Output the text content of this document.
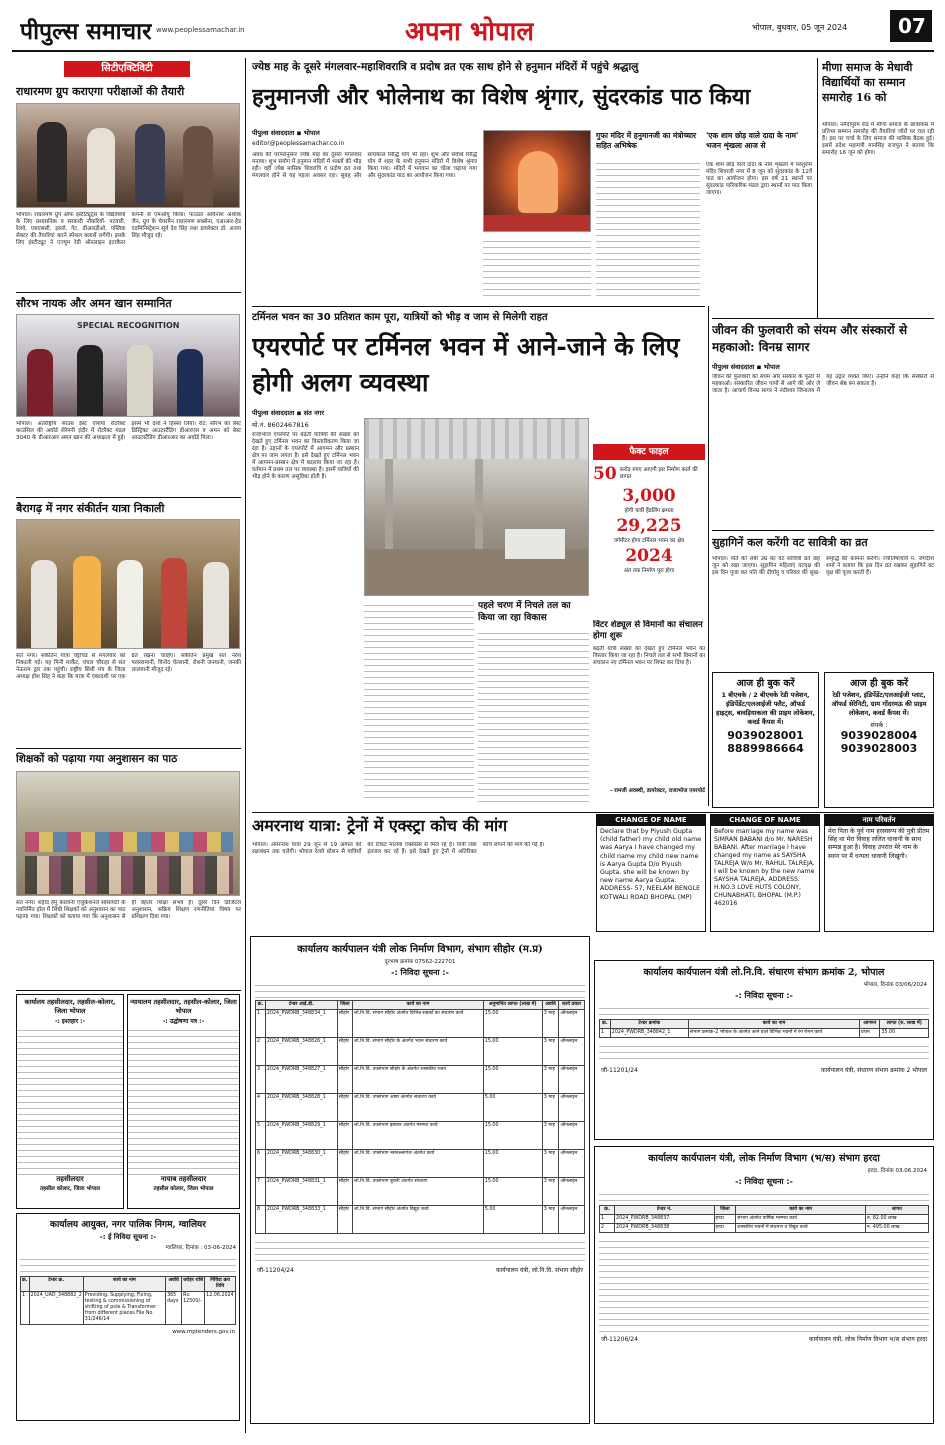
पीपुल्स समाचार www.peoplessamachar.in	अपना भोपाल	भोपाल, बुधवार, 05 जून 2024	07
सिटीएक्टिविटी
राधारमण ग्रुप कराएगा परीक्षाओं की तैयारी
भोपाल। राधारमण ग्रुप ऑफ इंस्टीट्यूट्स के विद्यार्थियों के लिए प्रशासनिक व सरकारी नौकरियों- पटवारी, रेलवे, एसएससी, इसरो, गेट, डीआरडीओ, पब्लिक सेक्टर की तैयारियां करने स्पेशल क्लासें लगेंगी। इसके लिए इंस्टीट्यूट ने एज्यूम रेडी ऑनलाइन इंटरकैरर कंपनी से एमओयू किया। फाउंडर अविनाश अशोक जैन, ग्रुप के चेयरमैन राधारमण सक्सेना, एआआर-हेड एडमिनिस्ट्रेशन सूर्य देव सिंह तथा डायरेक्टर डॉ. अजय सिंह मौजूद रहे।
सौरभ नायक और अमन खान सम्मानित
SPECIAL RECOGNITION
भोपाल। अंतर्राष्ट्रीय साउथ ईस्ट एशिया रोटरैक्ट काउंसिल की अवॉर्ड सेरेमनी इंदौर में रोटरैक्ट मंडल 3040 के डीआरआर अमन खान की अध्यक्षता में हुई। इसमें भी देशों ने हिस्सा लिया। रोट. सौरभ को बेस्ट डिस्ट्रिक्ट आउटस्टैंडिंग डीआरएस व अमन को बेस्ट आउटस्टैंडिंग डीआरआर का अवॉर्ड मिला।
बैरागढ़ में नगर संकीर्तन यात्रा निकाली
संत नगर। संकीर्तन यात्रा चेट्टीचंड से मंगलवार को निकाली गई। यह मिनी मार्केट, चंचल चौराहा से संत नेऊराम द्वार तक पहुंची। राष्ट्रीय सिंधी मंच के जिला अध्यक्ष होश सिंह ने कहा कि यात्रा में एकादशी पर एक व्रत रखना चाहिए। संकीर्तन प्रमुख संत नरेश परसरामानी, विनोद चेल्लानी, रोशनी जनयानी, जनकी लालवानी मौजूद रहे।
शिक्षकों को पढ़ाया गया अनुशासन का पाठ
संत नगर। शहीद हेमू कालानी एजुकेशनल सोसायटी के नवनिर्मित हॉल में सिंधी शिक्षकों को अनुशासन का पाठ पढ़ाया गया। शिक्षकों को बताया गया कि अनुशासन से ही बेहतर शिक्षा संभव है। दूसरे दिन डिजिटल अनुशासन, सक्रिय शिक्षण रणनीतियां विषय पर प्रशिक्षण दिया गया।
कार्यालय तहसीलदार, तहसील-कोलार, जिला भोपाल
-: इश्तहार :-
तहसीलदार
तहसील कोलार, जिला भोपाल
न्यायालय तहसीलदार, तहसील-कोलार, जिला भोपाल
-: उद्घोषणा पत्र :-
नायाब तहसीलदार
तहसील कोलार, जिला भोपाल
कार्यालय आयुक्त, नगर पालिक निगम, ग्वालियर
-: ई निविदा सूचना :-
ग्वालियर, दिनांक : 03-06-2024
क्र.	टेन्डर क्र.	कार्य का नाम	अवधि	धरोहर राशि	निविदा क्रय तिथि
1	2024_UAD_348882_2	Providing, Supplying, Fixing, testing & commissioning of shifting of pole & Transformer from different places File No. 31/246/14	365 days	Rs. 12500/-	12.06.2024
www.mptenders.gov.in
ज्येष्ठ माह के दूसरे मंगलवार-महाशिवरात्रि व प्रदोष व्रत एक साथ होने से हनुमान मंदिरों में पहुंचे श्रद्धालु
हनुमानजी और भोलेनाथ का विशेष श्रृंगार, सुंदरकांड पाठ किया
पीपुल्स संवाददाता ◾ भोपाल
editor@peoplessamachar.co.in
अवध की परंपरानुसार ज्येष्ठ माह का दूसरा मंगलवार मनाया। शुभ संयोग में हनुमान मंदिरों में भक्तों की भीड़ रही। वहीं ज्येष्ठ मासिक शिवरात्रि व प्रदोष व्रत तथा मंगलवार होने से यह पहला अवसर रहा। सुबह और सायंकाल सिद्धि योग भी रहा। शुभ और सर्वार्थ सिद्धि योग में शहर के सभी हनुमान मंदिरों में विशेष श्रृंगार किया गया। मंदिरों में भगवान का चोला चढ़ाया गया और सुंदरकांड पाठ का आयोजन किया गया।
गुफा मंदिर में हनुमानजी का मंत्रोच्चार सहित अभिषेक
'एक शाम छोड़ वाले दादा के नाम' भजन शृंखला आज से
एक शाम छोड़ वाले दादा के नाम शृंखला में परशुराम मंदिर शिवाजी नगर में 8 जून को सुंदरकांड के 12वें पाठ का आयोजन होगा। इस वर्ष 21 स्थानों पर सुंदरकांड पारिवारिक मंडल द्वारा स्थानों पर पाठ किया जाएगा।
मीणा समाज के मेधावी विद्यार्थियों का सम्मान समारोह 16 को
भोपाल। नर्मदापुरम रोड में मीणा समाज के छात्रावास में प्रतिभा सम्मान समारोह की तैयारियां जोरों पर चल रही हैं। इस पर चर्चा के लिए समाज की मासिक बैठक हुई। इसमें प्रदेश महामंत्री मानसिंह राजपूत ने बताया कि समारोह 16 जून को होगा।
टर्मिनल भवन का 30 प्रतिशत काम पूरा, यात्रियों को भीड़ व जाम से मिलेगी राहत
एयरपोर्ट पर टर्मिनल भवन में आने-जाने के लिए होगी अलग व्यवस्था
पीपुल्स संवाददाता ◾ संत नगर
मो.नं. 8602467816
राजाभोज एयरपोर्ट पर बढ़ती यात्रियों की संख्या को देखते हुए टर्मिनल भवन का विस्तारीकरण किया जा रहा है। उड़ानों के एयरपोर्ट में आगमन और प्रस्थान क्षेत्र पर जाम लगता है। इसे देखते हुए टर्मिनल भवन में आगमन-प्रस्थान क्षेत्र में बदलाव किया जा रहा है। वर्तमान में प्रथम तल पर व्यवस्था है। इसमें यात्रियों की भीड़ होने के कारण असुविधा होती है।
पहले चरण में निचले तल का किया जा रहा विकास
फैक्ट फाइल
50 करोड़ रुपए आएगी इस निर्माण कार्य की लागत
3,000
होगी यात्री हैंडलिंग क्षमता
29,225
वर्गमीटर होगा टर्मिनल भवन का क्षेत्र
2024
अंत तक निर्माण पूरा होगा
विंटर शेड्यूल से विमानों का संचालन होगा शुरू
बढ़ती यात्री संख्या को देखते हुए टर्मिनल भवन का विस्तार किया जा रहा है। निचले तल से सभी विमानों का संचालन नए टर्मिनल भवन पर शिफ्ट कर दिया है।
- रामजी अवस्थी, डायरेक्टर, राजाभोज एयरपोर्ट
जीवन की फुलवारी को संयम और संस्कारों से महकाओ: विनम्र सागर
पीपुल्स संवाददाता ◾ भोपाल
जीवन की फुलवारी को संयम और संस्कार के फूलों से महकाओ। संस्कारित जीवन पापों से आगे की ओर ले जाता है। आचार्य विनम्र सागर ने नंदीश्वर जिनालय में यह उद्गार व्यक्त किए। उन्होंने कहा कि संस्कारों से जीवन श्रेष्ठ बन सकता है।
सुहागिनें कल करेंगी वट सावित्री का व्रत
भोपाल। पति की लंबी उम्र का वट सावित्री व्रत छह जून को रखा जाएगा। सुहागिन महिलाएं वटवृक्ष की इस दिन पूजा कर पति की दीर्घायु व परिवार की सुख-समृद्धि की कामना करेंगी। ज्योतिषाचार्य पं. जगदीश शर्मा ने बताया कि इस दिन व्रत रखकर सुहागिनें वट वृक्ष की पूजा करती हैं।
आज ही बुक करें
1 बीएचके / 2 बीएचके रेडी पजेशन, इंडिपेंडेंट/एलआईजी फ्लैट, ऑफर्ड हाइट्स, बावड़ियाकला की प्राइम लोकेशन, कवर्ड कैंपस में।
9039028001
8889986664
आज ही बुक करें
रेडी पजेशन, इंडिपेंडेंट/एलआईजी प्लाट, ऑफर्ड सेरेनिटी, ग्राम गोंदरमऊ की प्राइम लोकेशन, कवर्ड कैंपस में।
संपर्क :
9039028004
9039028003
अमरनाथ यात्रा: ट्रेनों में एक्स्ट्रा कोच की मांग
भोपाल। अमरनाथ यात्रा 29 जून से 19 अगस्त को रक्षाबंधन तक चलेगी। भोपाल रेलवे स्टेशन से यात्रियों को टिकट मालवा एक्सप्रेस से मिल रहे हैं। यात्री लंबा इंतजार कर रहे हैं। इसे देखते हुए ट्रेनों में अतिरिक्त कोच लगाने की मांग की गई है।
CHANGE OF NAME
Declare that by Piyush Gupta (child father) my child old name was Aarya I have changed my child name my child new name is Aarya Gupta D/o Piyush Gupta. she will be known by new name Aarya Gupta. ADDRESS- 57, NEELAM BENGLE KOTWALI ROAD BHOPAL (MP)
CHANGE OF NAME
Before marriage my name was SIMRAN BABANI d/o Mr. NARESH BABANI. After marriage I have changed my name as SAYSHA TALREJA W/o Mr. RAHUL TALREJA. I will be known by the new name SAYSHA TALREJA. ADDRESS: H.NO.3 LOVE HUTS COLONY, CHUNABHATI, BHOPAL (M.P.) 462016
नाम परिवर्तन
मेरा पिता के पूर्व नाम हरस्वरूप की पुत्री प्रीतम सिंह था मेरा विवाह ललित धावानी के साथ सम्पन्न हुआ है। विवाह उपरांत मेरे नाम के स्थान पर मैं धन्यता धावानी लिखूंगी।
कार्यालय कार्यपालन यंत्री लोक निर्माण विभाग, संभाग सीहोर (म.प्र)
दूरभाष क्रमांक 07562-222701
-: निविदा सूचना :-
क्र.	टेन्डर आई.डी.	जिला	कार्य का नाम	अनुमानित लागत (लाख में)	अवधि	कार्य प्रकार
1	2024_PWDRB_348834_1	सीहोर	लो.नि.वि. संभाग सीहोर अंतर्गत विभिन्न सड़कों का संधारण कार्य	15.00	3 माह	ऑनलाइन
2	2024_PWDRB_348826_1	सीहोर	लो.नि.वि. संभाग सीहोर के अंतर्गत भवन संधारण कार्य	15.00	3 माह	ऑनलाइन
3	2024_PWDRB_348827_1	सीहोर	लो.नि.वि. उपसंभाग सीहोर के अंतर्गत शासकीय भवन	15.00	3 माह	ऑनलाइन
4	2024_PWDRB_348828_1	सीहोर	लो.नि.वि. उपसंभाग आष्टा अंतर्गत संधारण कार्य	5.00	3 माह	ऑनलाइन
5	2024_PWDRB_348829_1	सीहोर	लो.नि.वि. उपसंभाग इछावर अंतर्गत मरम्मत कार्य	15.00	3 माह	ऑनलाइन
6	2024_PWDRB_348830_1	सीहोर	लो.नि.वि. उपसंभाग नसरुल्लागंज अंतर्गत कार्य	15.00	3 माह	ऑनलाइन
7	2024_PWDRB_348831_1	सीहोर	लो.नि.वि. उपसंभाग बुधनी अंतर्गत संधारण	15.00	3 माह	ऑनलाइन
8	2024_PWDRB_348833_1	सीहोर	लो.नि.वि. संभाग सीहोर अंतर्गत विद्युत कार्य	5.00	3 माह	ऑनलाइन
जी-11204/24	कार्यपालन यंत्री, लो.नि.वि. संभाग सीहोर
कार्यालय कार्यपालन यंत्री लो.नि.वि. संधारण संभाग क्रमांक 2, भोपाल
भोपाल, दिनांक 03/06/2024
-: निविदा सूचना :-
क्र.	टेन्डर क्रमांक	कार्य का नाम	आगमन	लागत (रु. लाख में)
1	2024_PWDRB_348842_1	संभाग क्रमांक-2 भोपाल के अंतर्गत आने वाले विभिन्न भवनों में रंग रोगन कार्य	प्रथम	35.00
जी-11201/24	कार्यपालन यंत्री, संधारण संभाग क्रमांक 2 भोपाल
कार्यालय कार्यपालन यंत्री, लोक निर्माण विभाग (भ/स) संभाग हरदा
हरदा, दिनांक 03.06.2024
-: निविदा सूचना :-
क्र.	टेन्डर नं.	जिला	कार्य का नाम	लागत
1	2024_PWDRB_348837	हरदा	संभाग अंतर्गत वार्षिक मरम्मत कार्य	रु. 82.00 लाख
2	2024_PWDRB_348838	हरदा	शासकीय भवनों में संधारण व विद्युत कार्य	रु. 495.00 लाख
जी-11206/24	कार्यपालन यंत्री, लोक निर्माण विभाग भ/स संभाग हरदा
